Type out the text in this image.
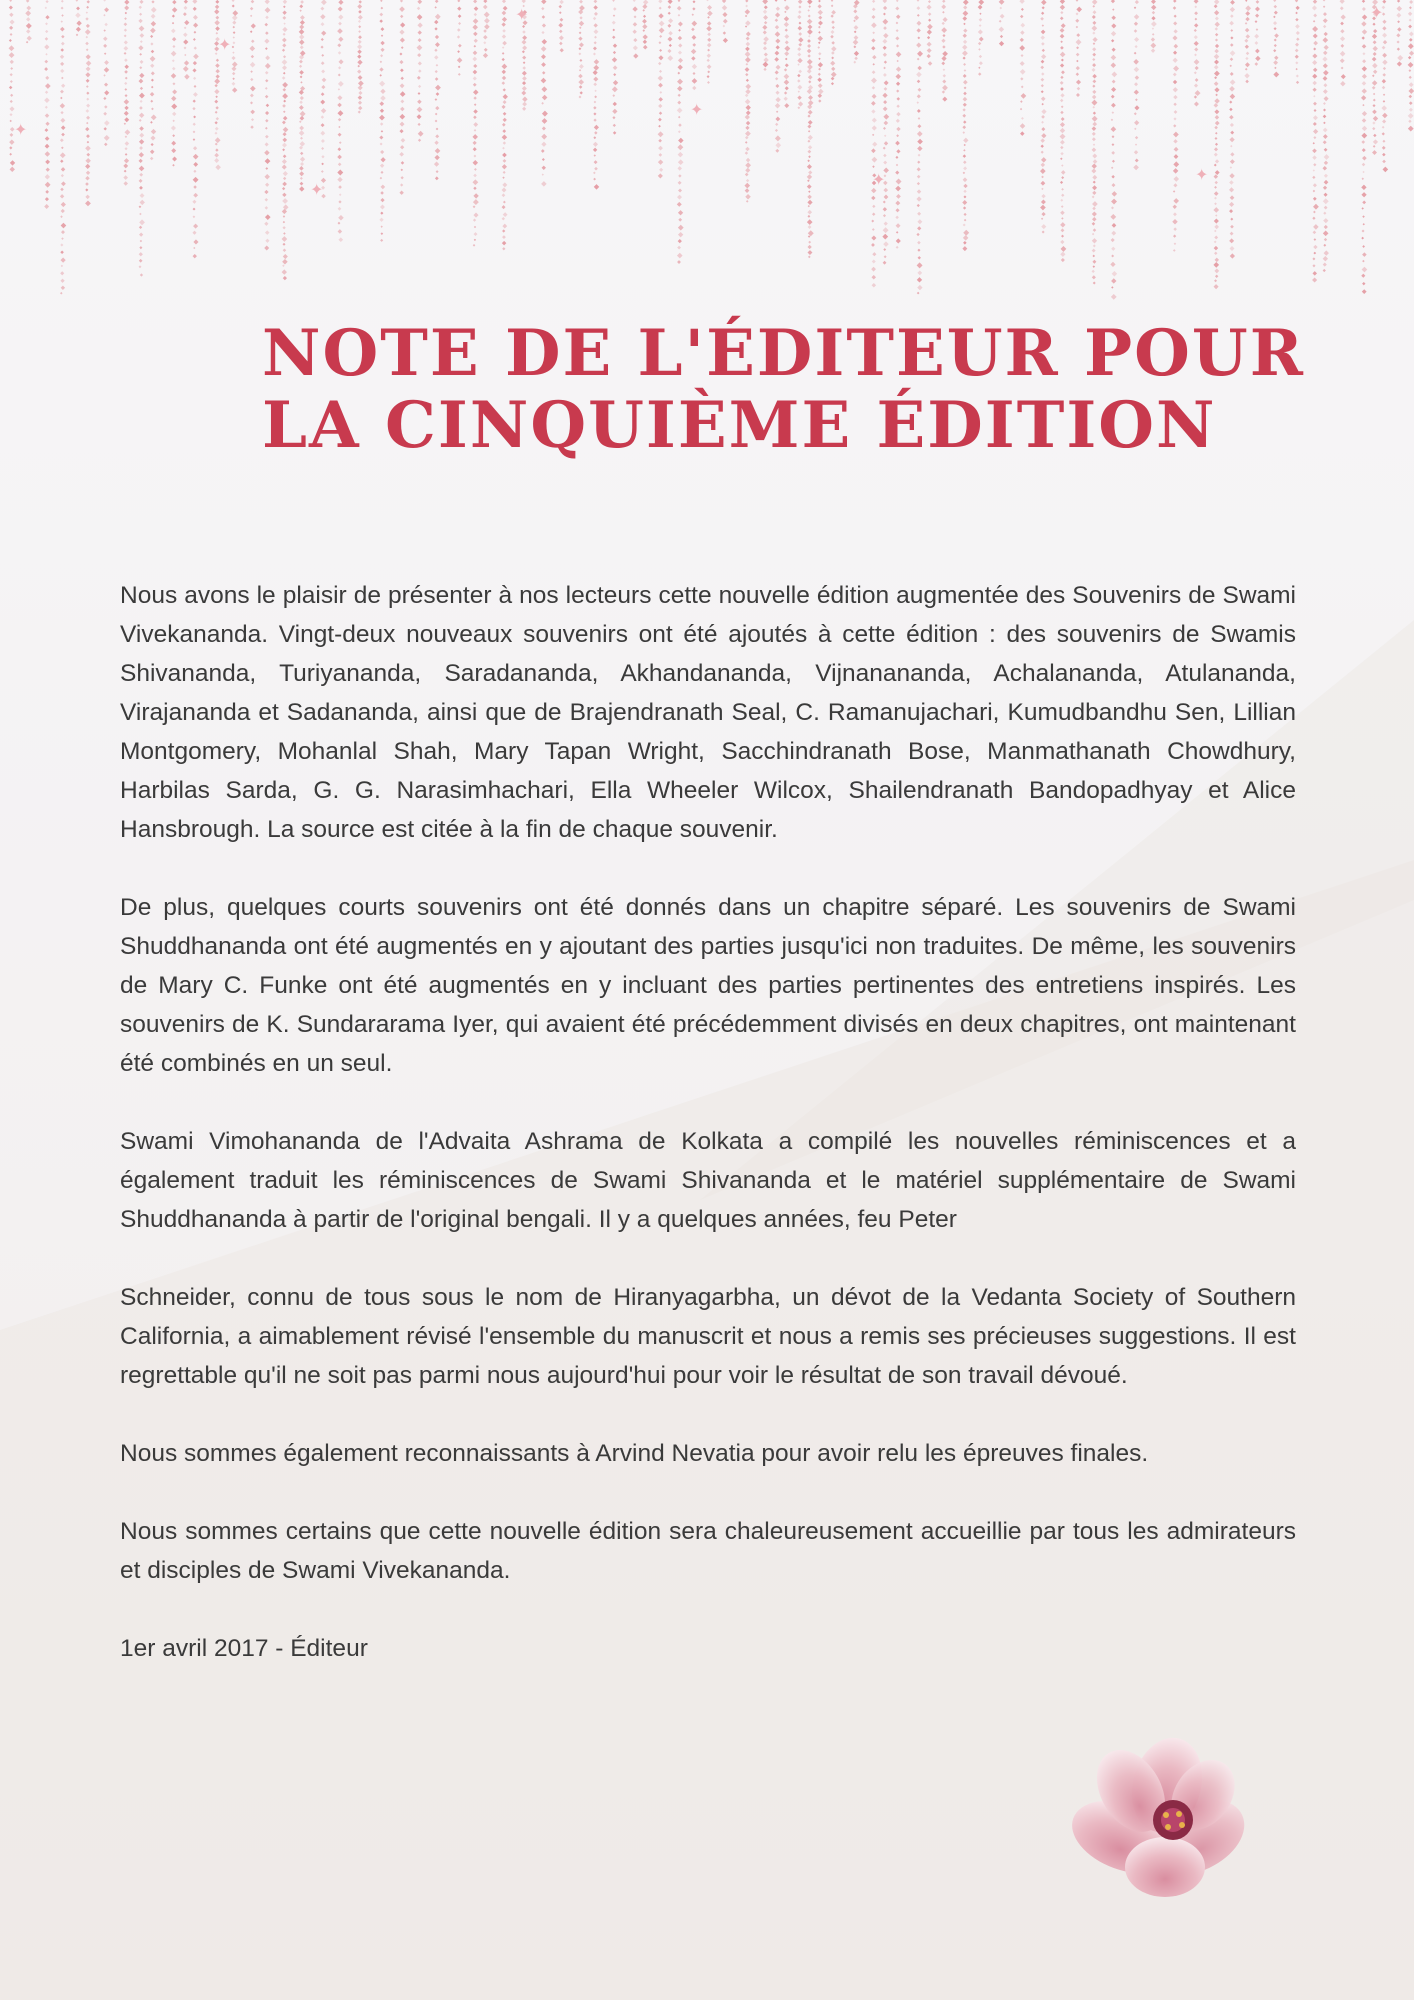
✦
✦
✦
✦
✦	✦
✦
✦
NOTE DE L'ÉDITEUR POUR
LA CINQUIÈME ÉDITION

Nous avons le plaisir de présenter à nos lecteurs cette nouvelle édition augmentée des Souvenirs de Swami Vivekananda. Vingt-deux nouveaux souvenirs ont été ajoutés à cette édition : des souvenirs de Swamis Shivananda, Turiyananda, Saradananda, Akhandananda, Vijnanananda, Achalananda, Atulananda, Virajananda et Sadananda, ainsi que de Brajendranath Seal, C. Ramanujachari, Kumudbandhu Sen, Lillian Montgomery, Mohanlal Shah, Mary Tapan Wright, Sacchindranath Bose, Manmathanath Chowdhury, Harbilas Sarda, G. G. Narasimhachari, Ella Wheeler Wilcox, Shailendranath Bandopadhyay et Alice Hansbrough. La source est citée à la fin de chaque souvenir.

De plus, quelques courts souvenirs ont été donnés dans un chapitre séparé. Les souvenirs de Swami Shuddhananda ont été augmentés en y ajoutant des parties jusqu'ici non traduites. De même, les souvenirs de Mary C. Funke ont été augmentés en y incluant des parties pertinentes des entretiens inspirés. Les souvenirs de K. Sundararama Iyer, qui avaient été précédemment divisés en deux chapitres, ont maintenant été combinés en un seul.

Swami Vimohananda de l'Advaita Ashrama de Kolkata a compilé les nouvelles réminiscences et a également traduit les réminiscences de Swami Shivananda et le matériel supplémentaire de Swami Shuddhananda à partir de l'original bengali. Il y a quelques années, feu Peter

Schneider, connu de tous sous le nom de Hiranyagarbha, un dévot de la Vedanta Society of Southern California, a aimablement révisé l'ensemble du manuscrit et nous a remis ses précieuses suggestions. Il est regrettable qu'il ne soit pas parmi nous aujourd'hui pour voir le résultat de son travail dévoué.

Nous sommes également reconnaissants à Arvind Nevatia pour avoir relu les épreuves finales.

Nous sommes certains que cette nouvelle édition sera chaleureusement accueillie par tous les admirateurs et disciples de Swami Vivekananda.

1er avril 2017 - Éditeur
